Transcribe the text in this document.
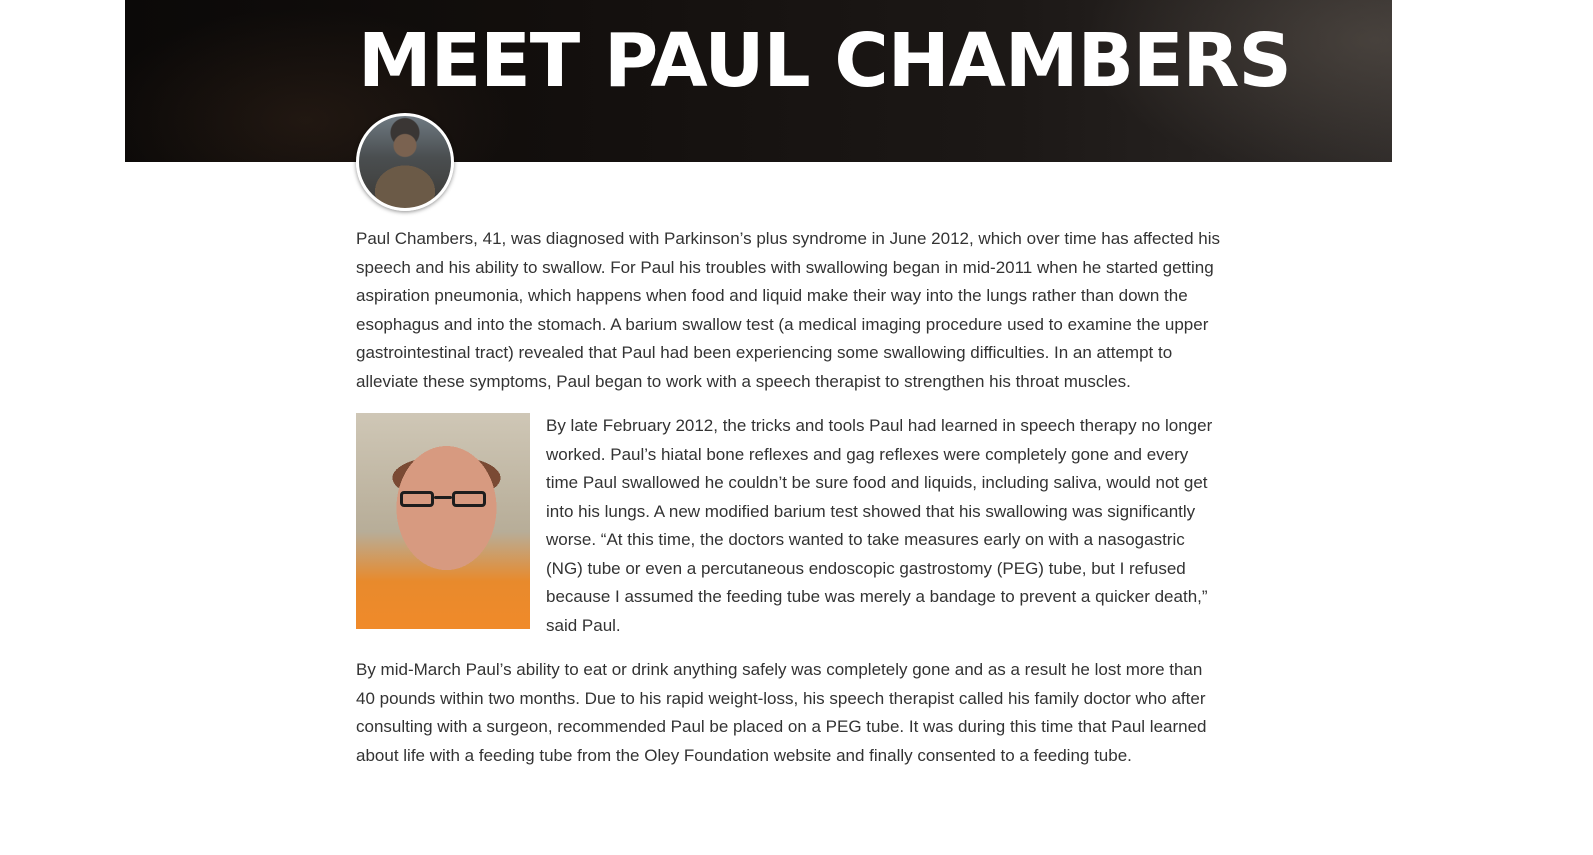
MEET PAUL CHAMBERS

Paul Chambers, 41, was diagnosed with Parkinson’s plus syndrome in June 2012, which over time has affected his speech and his ability to swallow. For Paul his troubles with swallowing began in mid-2011 when he started getting aspiration pneumonia, which happens when food and liquid make their way into the lungs rather than down the esophagus and into the stomach. A barium swallow test (a medical imaging procedure used to examine the upper gastrointestinal tract) revealed that Paul had been experiencing some swallowing difficulties. In an attempt to alleviate these symptoms, Paul began to work with a speech therapist to strengthen his throat muscles.

By late February 2012, the tricks and tools Paul had learned in speech therapy no longer worked. Paul’s hiatal bone reflexes and gag reflexes were completely gone and every time Paul swallowed he couldn’t be sure food and liquids, including saliva, would not get into his lungs. A new modified barium test showed that his swallowing was significantly worse. “At this time, the doctors wanted to take measures early on with a nasogastric (NG) tube or even a percutaneous endoscopic gastrostomy (PEG) tube, but I refused because I assumed the feeding tube was merely a bandage to prevent a quicker death,” said Paul.

By mid-March Paul’s ability to eat or drink anything safely was completely gone and as a result he lost more than 40 pounds within two months. Due to his rapid weight-loss, his speech therapist called his family doctor who after consulting with a surgeon, recommended Paul be placed on a PEG tube. It was during this time that Paul learned about life with a feeding tube from the Oley Foundation website and finally consented to a feeding tube.
